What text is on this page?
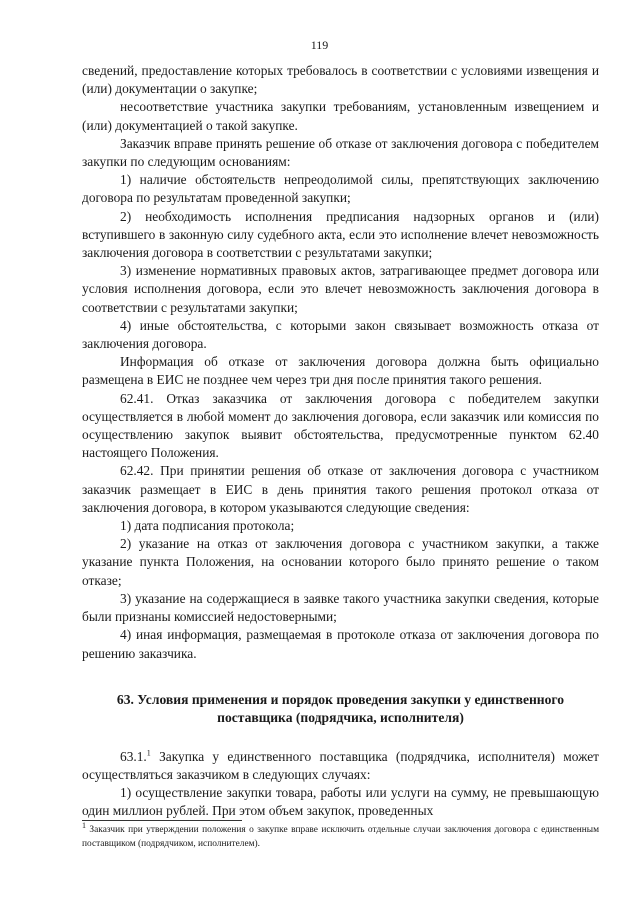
119

сведений, предоставление которых требовалось в соответствии с условиями извещения и (или) документации о закупке;

несоответствие участника закупки требованиям, установленным извещением и (или) документацией о такой закупке.

Заказчик вправе принять решение об отказе от заключения договора с победителем закупки по следующим основаниям:

1) наличие обстоятельств непреодолимой силы, препятствующих заключению договора по результатам проведенной закупки;

2) необходимость исполнения предписания надзорных органов и (или) вступившего в законную силу судебного акта, если это исполнение влечет невозможность заключения договора в соответствии с результатами закупки;

3) изменение нормативных правовых актов, затрагивающее предмет договора или условия исполнения договора, если это влечет невозможность заключения договора в соответствии с результатами закупки;

4) иные обстоятельства, с которыми закон связывает возможность отказа от заключения договора.

Информация об отказе от заключения договора должна быть официально размещена в ЕИС не позднее чем через три дня после принятия такого решения.

62.41. Отказ заказчика от заключения договора с победителем закупки осуществляется в любой момент до заключения договора, если заказчик или комиссия по осуществлению закупок выявит обстоятельства, предусмотренные пунктом 62.40 настоящего Положения.

62.42. При принятии решения об отказе от заключения договора с участником заказчик размещает в ЕИС в день принятия такого решения протокол отказа от заключения договора, в котором указываются следующие сведения:

1) дата подписания протокола;

2) указание на отказ от заключения договора с участником закупки, а также указание пункта Положения, на основании которого было принято решение о таком отказе;

3) указание на содержащиеся в заявке такого участника закупки сведения, которые были признаны комиссией недостоверными;

4) иная информация, размещаемая в протоколе отказа от заключения договора по решению заказчика.

63. Условия применения и порядок проведения закупки у единственного поставщика (подрядчика, исполнителя)

63.1.$^1$ Закупка у единственного поставщика (подрядчика, исполнителя) может осуществляться заказчиком в следующих случаях:

1) осуществление закупки товара, работы или услуги на сумму, не превышающую один миллион рублей. При этом объем закупок, проведенных

$^1$ Заказчик при утверждении положения о закупке вправе исключить отдельные случаи заключения договора с единственным поставщиком (подрядчиком, исполнителем).
